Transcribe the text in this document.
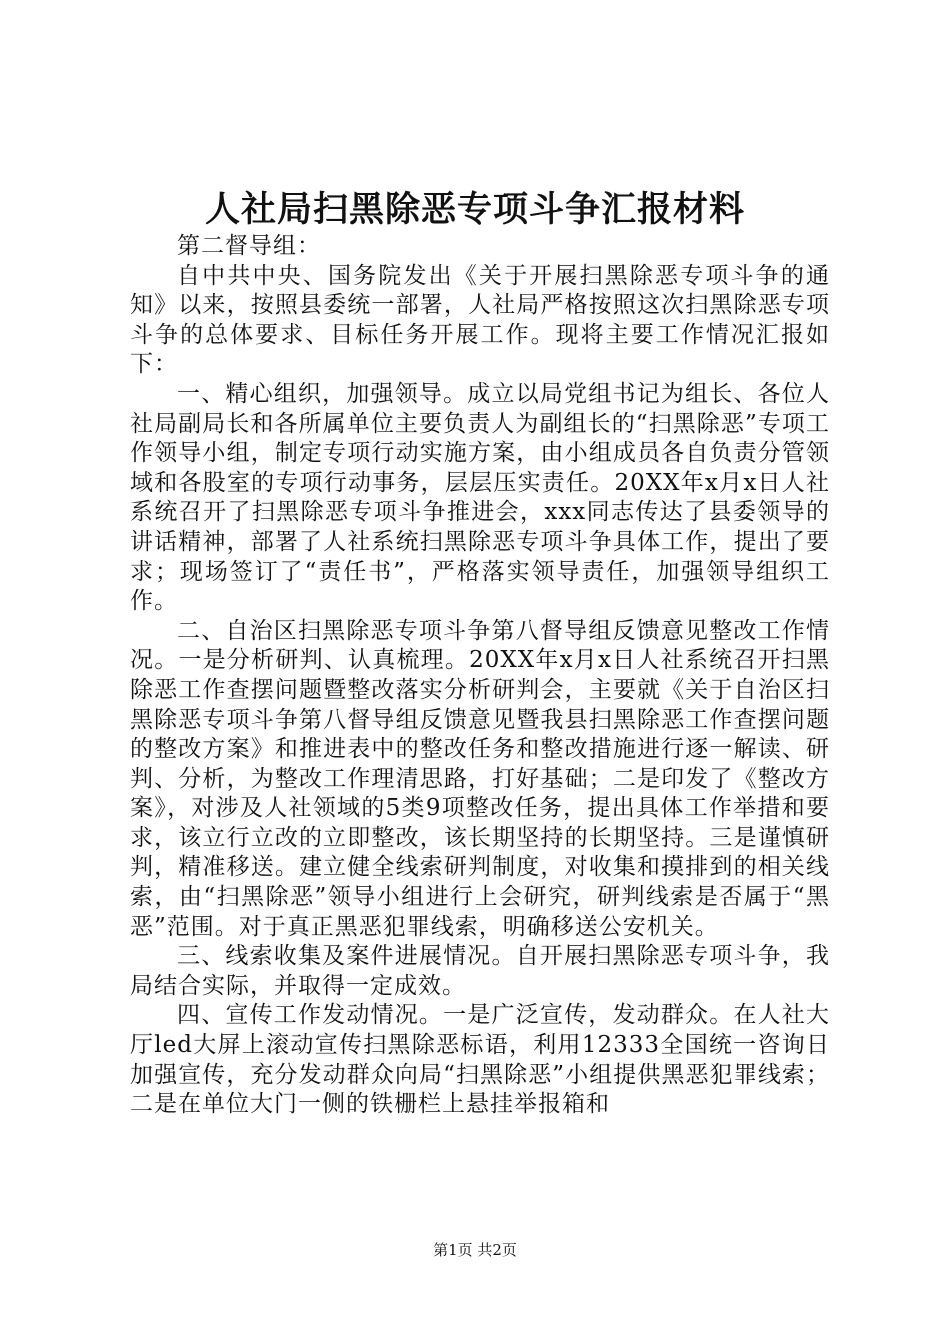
人社局扫黑除恶专项斗争汇报材料

第二督导组：

自中共中央、国务院发出《关于开展扫黑除恶专项斗争的通知》以来，按照县委统一部署，人社局严格按照这次扫黑除恶专项斗争的总体要求、目标任务开展工作。现将主要工作情况汇报如下：

一、精心组织，加强领导。成立以局党组书记为组长、各位人社局副局长和各所属单位主要负责人为副组长的“扫黑除恶”专项工作领导小组，制定专项行动实施方案，由小组成员各自负责分管领域和各股室的专项行动事务，层层压实责任。20XX年x月x日人社系统召开了扫黑除恶专项斗争推进会，xxx同志传达了县委领导的讲话精神，部署了人社系统扫黑除恶专项斗争具体工作，提出了要求；现场签订了“责任书”，严格落实领导责任，加强领导组织工作。

二、自治区扫黑除恶专项斗争第八督导组反馈意见整改工作情况。一是分析研判、认真梳理。20XX年x月x日人社系统召开扫黑除恶工作查摆问题暨整改落实分析研判会，主要就《关于自治区扫黑除恶专项斗争第八督导组反馈意见暨我县扫黑除恶工作查摆问题的整改方案》和推进表中的整改任务和整改措施进行逐一解读、研判、分析，为整改工作理清思路，打好基础；二是印发了《整改方案》，对涉及人社领域的5类9项整改任务，提出具体工作举措和要求，该立行立改的立即整改，该长期坚持的长期坚持。三是谨慎研判，精准移送。建立健全线索研判制度，对收集和摸排到的相关线索，由“扫黑除恶”领导小组进行上会研究，研判线索是否属于“黑恶”范围。对于真正黑恶犯罪线索，明确移送公安机关。

三、线索收集及案件进展情况。自开展扫黑除恶专项斗争，我局结合实际，并取得一定成效。

四、宣传工作发动情况。一是广泛宣传，发动群众。在人社大厅led大屏上滚动宣传扫黑除恶标语，利用12333全国统一咨询日加强宣传，充分发动群众向局“扫黑除恶”小组提供黑恶犯罪线索；二是在单位大门一侧的铁栅栏上悬挂举报箱和

第1页 共2页
